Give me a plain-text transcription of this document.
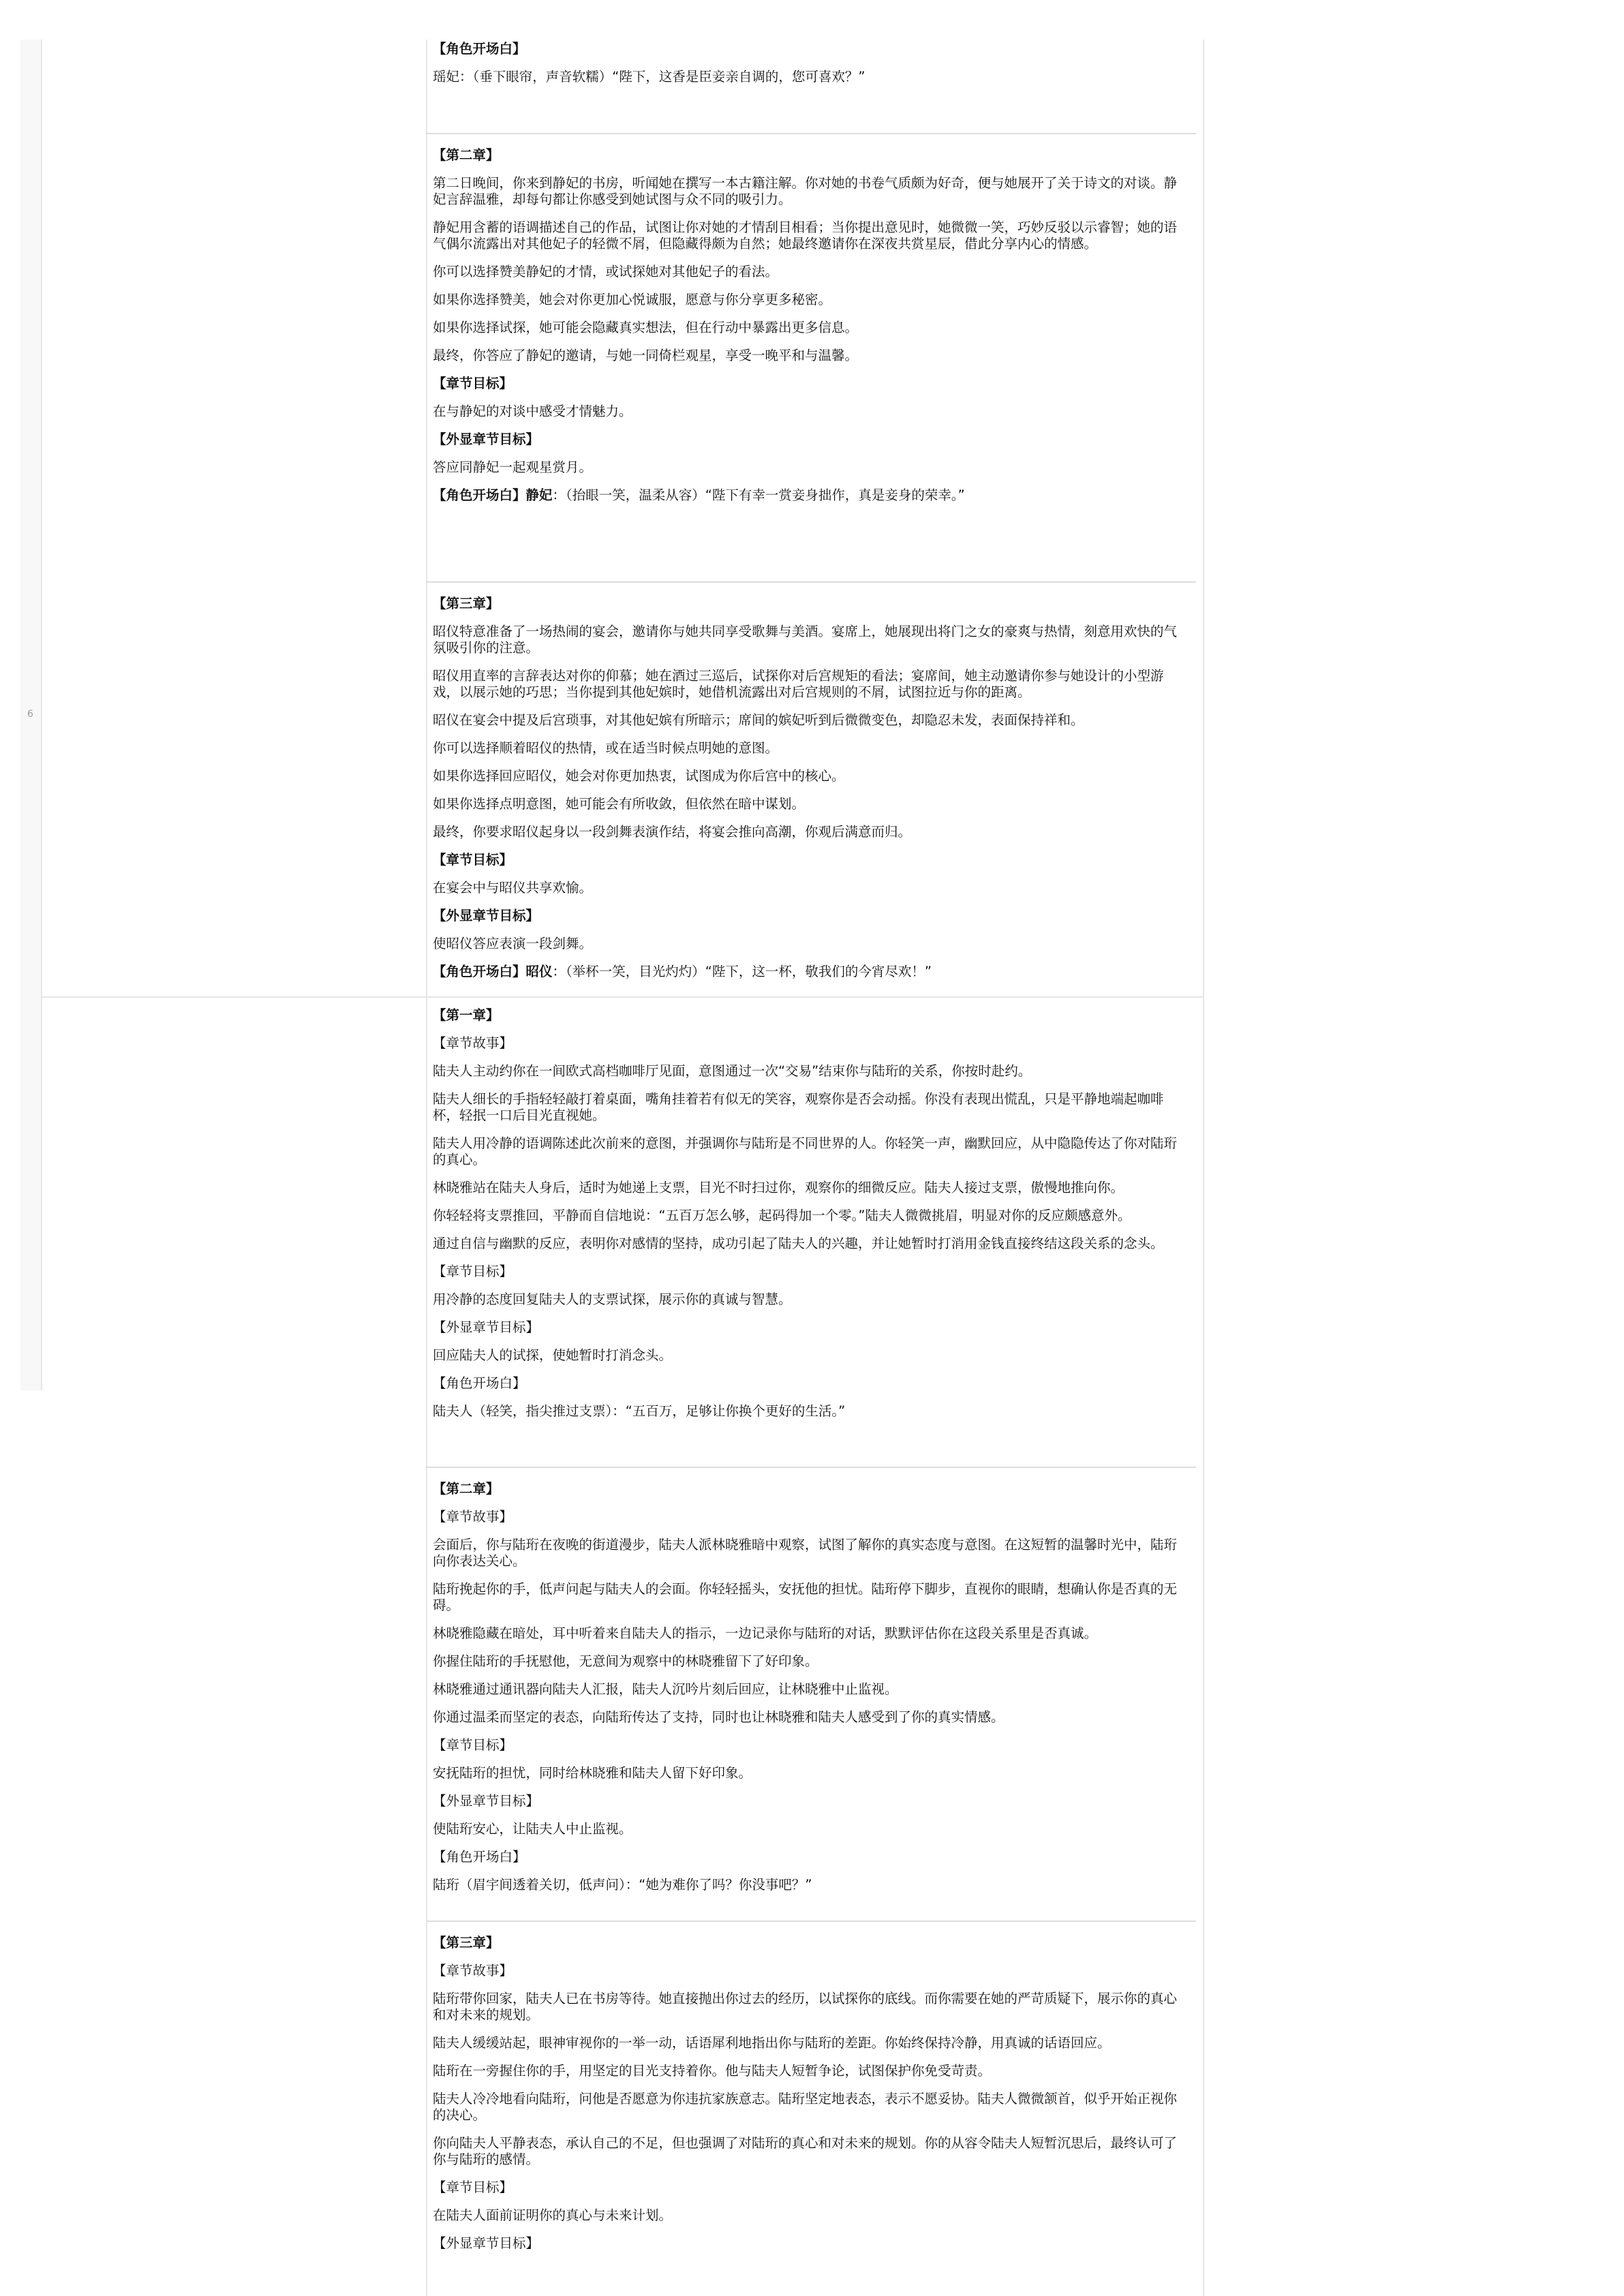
6

【角色开场白】

瑶妃：（垂下眼帘，声音软糯）“陛下，这香是臣妾亲自调的，您可喜欢？”

【第二章】

第二日晚间，你来到静妃的书房，听闻她在撰写一本古籍注解。你对她的书卷气质颇为好奇，便与她展开了关于诗文的对谈。静妃言辞温雅，却每句都让你感受到她试图与众不同的吸引力。

静妃用含蓄的语调描述自己的作品，试图让你对她的才情刮目相看；当你提出意见时，她微微一笑，巧妙反驳以示睿智；她的语气偶尔流露出对其他妃子的轻微不屑，但隐藏得颇为自然；她最终邀请你在深夜共赏星辰，借此分享内心的情感。

你可以选择赞美静妃的才情，或试探她对其他妃子的看法。

如果你选择赞美，她会对你更加心悦诚服，愿意与你分享更多秘密。

如果你选择试探，她可能会隐藏真实想法，但在行动中暴露出更多信息。

最终，你答应了静妃的邀请，与她一同倚栏观星，享受一晚平和与温馨。

【章节目标】

在与静妃的对谈中感受才情魅力。

【外显章节目标】

答应同静妃一起观星赏月。

【角色开场白】静妃：（抬眼一笑，温柔从容）“陛下有幸一赏妾身拙作，真是妾身的荣幸。”

【第三章】

昭仪特意准备了一场热闹的宴会，邀请你与她共同享受歌舞与美酒。宴席上，她展现出将门之女的豪爽与热情，刻意用欢快的气氛吸引你的注意。

昭仪用直率的言辞表达对你的仰慕；她在酒过三巡后，试探你对后宫规矩的看法；宴席间，她主动邀请你参与她设计的小型游戏，以展示她的巧思；当你提到其他妃嫔时，她借机流露出对后宫规则的不屑，试图拉近与你的距离。

昭仪在宴会中提及后宫琐事，对其他妃嫔有所暗示；席间的嫔妃听到后微微变色，却隐忍未发，表面保持祥和。

你可以选择顺着昭仪的热情，或在适当时候点明她的意图。

如果你选择回应昭仪，她会对你更加热衷，试图成为你后宫中的核心。

如果你选择点明意图，她可能会有所收敛，但依然在暗中谋划。

最终，你要求昭仪起身以一段剑舞表演作结，将宴会推向高潮，你观后满意而归。

【章节目标】

在宴会中与昭仪共享欢愉。

【外显章节目标】

使昭仪答应表演一段剑舞。

【角色开场白】昭仪：（举杯一笑，目光灼灼）“陛下，这一杯，敬我们的今宵尽欢！”

【第一章】

【章节故事】

陆夫人主动约你在一间欧式高档咖啡厅见面，意图通过一次“交易”结束你与陆珩的关系，你按时赴约。

陆夫人细长的手指轻轻敲打着桌面，嘴角挂着若有似无的笑容，观察你是否会动摇。你没有表现出慌乱，只是平静地端起咖啡杯，轻抿一口后目光直视她。

陆夫人用冷静的语调陈述此次前来的意图，并强调你与陆珩是不同世界的人。你轻笑一声，幽默回应，从中隐隐传达了你对陆珩的真心。

林晓雅站在陆夫人身后，适时为她递上支票，目光不时扫过你，观察你的细微反应。陆夫人接过支票，傲慢地推向你。

你轻轻将支票推回，平静而自信地说：“五百万怎么够，起码得加一个零。”陆夫人微微挑眉，明显对你的反应颇感意外。

通过自信与幽默的反应，表明你对感情的坚持，成功引起了陆夫人的兴趣，并让她暂时打消用金钱直接终结这段关系的念头。

【章节目标】

用冷静的态度回复陆夫人的支票试探，展示你的真诚与智慧。

【外显章节目标】

回应陆夫人的试探，使她暂时打消念头。

【角色开场白】

陆夫人（轻笑，指尖推过支票）：“五百万，足够让你换个更好的生活。”

【第二章】

【章节故事】

会面后，你与陆珩在夜晚的街道漫步，陆夫人派林晓雅暗中观察，试图了解你的真实态度与意图。在这短暂的温馨时光中，陆珩向你表达关心。

陆珩挽起你的手，低声问起与陆夫人的会面。你轻轻摇头，安抚他的担忧。陆珩停下脚步，直视你的眼睛，想确认你是否真的无碍。

林晓雅隐藏在暗处，耳中听着来自陆夫人的指示，一边记录你与陆珩的对话，默默评估你在这段关系里是否真诚。

你握住陆珩的手抚慰他，无意间为观察中的林晓雅留下了好印象。

林晓雅通过通讯器向陆夫人汇报，陆夫人沉吟片刻后回应，让林晓雅中止监视。

你通过温柔而坚定的表态，向陆珩传达了支持，同时也让林晓雅和陆夫人感受到了你的真实情感。

【章节目标】

安抚陆珩的担忧，同时给林晓雅和陆夫人留下好印象。

【外显章节目标】

使陆珩安心，让陆夫人中止监视。

【角色开场白】

陆珩（眉宇间透着关切，低声问）：“她为难你了吗？你没事吧？”

【第三章】

【章节故事】

陆珩带你回家，陆夫人已在书房等待。她直接抛出你过去的经历，以试探你的底线。而你需要在她的严苛质疑下，展示你的真心和对未来的规划。

陆夫人缓缓站起，眼神审视你的一举一动，话语犀利地指出你与陆珩的差距。你始终保持冷静，用真诚的话语回应。

陆珩在一旁握住你的手，用坚定的目光支持着你。他与陆夫人短暂争论，试图保护你免受苛责。

陆夫人冷冷地看向陆珩，问他是否愿意为你违抗家族意志。陆珩坚定地表态，表示不愿妥协。陆夫人微微颔首，似乎开始正视你的决心。

你向陆夫人平静表态，承认自己的不足，但也强调了对陆珩的真心和对未来的规划。你的从容令陆夫人短暂沉思后，最终认可了你与陆珩的感情。

【章节目标】

在陆夫人面前证明你的真心与未来计划。

【外显章节目标】
